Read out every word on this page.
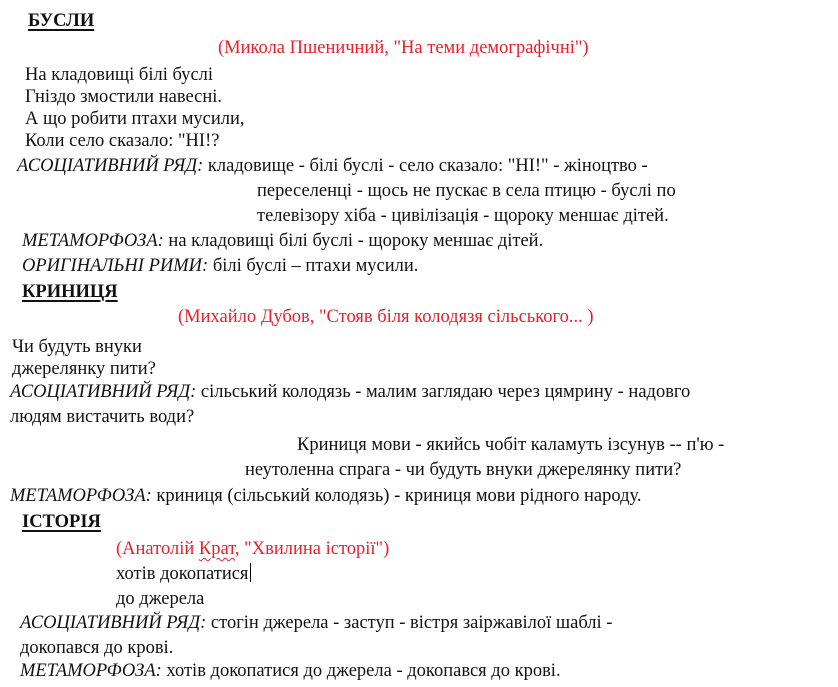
БУСЛИ
(Микола Пшеничний, "На теми демографічні")
На кладовищі білі буслі
Гніздо змостили навесні.
А що робити птахи мусили,
Коли село сказало: "НІ!?
АСОЦІАТИВНИЙ РЯД: кладовище - білі буслі - село сказало: "НІ!" - жіноцтво -
переселенці - щось не пускає в села птицю - буслі по
телевізору хіба - цивілізація - щороку меншає дітей.
МЕТАМОРФОЗА: на кладовищі білі буслі - щороку меншає дітей.
ОРИГІНАЛЬНІ РИМИ: білі буслі – птахи мусили.
КРИНИЦЯ
(Михайло Дубов, "Стояв біля колодязя сільського... )
Чи будуть внуки
джерелянку пити?
АСОЦІАТИВНИЙ РЯД: сільський колодязь - малим заглядаю через цямрину - надовго
людям вистачить води?
Криниця мови - якийсь чобіт каламуть ізсунув -- п'ю -
неутоленна спрага - чи будуть внуки джерелянку пити?
МЕТАМОРФОЗА: криниця (сільський колодязь) - криниця мови рідного народу.
ІСТОРІЯ
(Анатолій Крат, "Хвилина історії")
хотів докопатися
до джерела
АСОЦІАТИВНИЙ РЯД: стогін джерела - заступ - вістря заіржавілої шаблі -
докопався до крові.
МЕТАМОРФОЗА: хотів докопатися до джерела - докопався до крові.
